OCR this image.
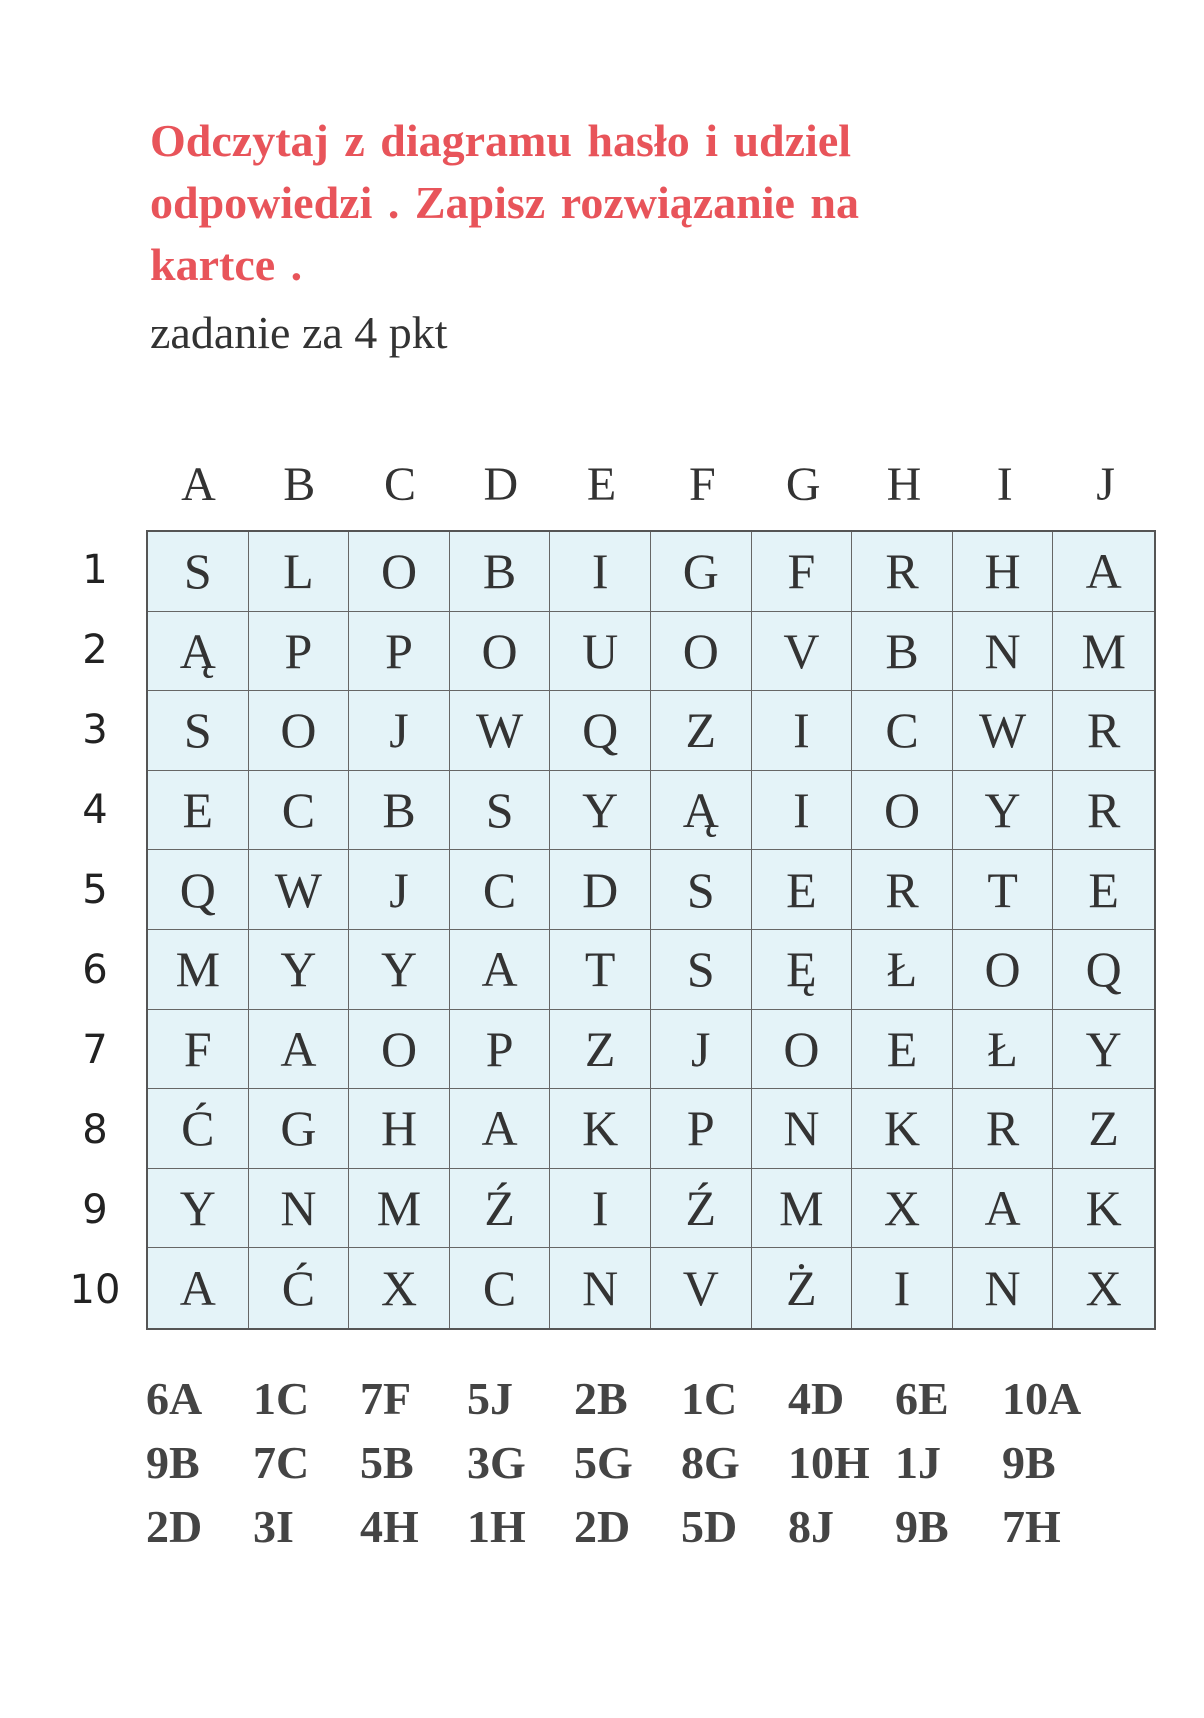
Odczytaj z diagramu hasło i udziel
odpowiedzi . Zapisz rozwiązanie na
kartce .
zadanie za 4 pkt
A	B	C	D	E	F	G	H	I	J
1
2
3
4
5
6
7
8
9
10
S	L	O	B	I	G	F	R	H	A
Ą	P	P	O	U	O	V	B	N	M
S	O	J	W	Q	Z	I	C	W	R
E	C	B	S	Y	Ą	I	O	Y	R
Q	W	J	C	D	S	E	R	T	E
M	Y	Y	A	T	S	Ę	Ł	O	Q
F	A	O	P	Z	J	O	E	Ł	Y
Ć	G	H	A	K	P	N	K	R	Z
Y	N	M	Ź	I	Ź	M	X	A	K
A	Ć	X	C	N	V	Ż	I	N	X
6A	1C	7F	5J	2B	1C	4D	6E	10A
9B	7C	5B	3G	5G	8G	10H 1J	9B
2D	3I	4H	1H	2D	5D	8J	9B	7H
